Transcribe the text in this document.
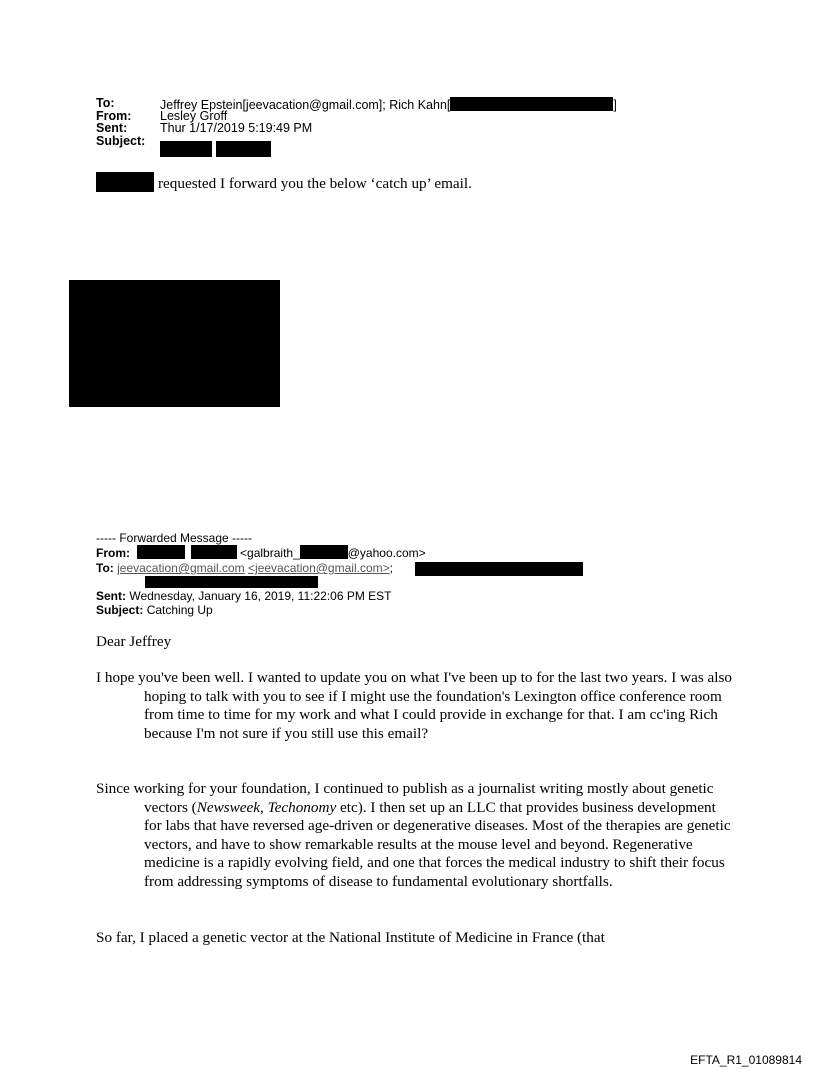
To:	Jeffrey Epstein[jeevacation@gmail.com]; Rich Kahn[	]
From: Lesley Groff
Sent:	Thur 1/17/2019 5:19:49 PM
Subject:
requested I forward you the below ‘catch up’ email.
----- Forwarded Message -----
From:	<galbraith_	@yahoo.com>
To: jeevacation@gmail.com <jeevacation@gmail.com>;
Sent: Wednesday, January 16, 2019, 11:22:06 PM EST
Subject: Catching Up
Dear Jeffrey
I hope you've been well. I wanted to update you on what I've been up to for the last two years. I was also hoping to talk with you to see if I might use the foundation's Lexington office conference room from time to time for my work and what I could provide in exchange for that. I am cc'ing Rich because I'm not sure if you still use this email?
Since working for your foundation, I continued to publish as a journalist writing mostly about genetic vectors (Newsweek, Techonomy etc). I then set up an LLC that provides business development for labs that have reversed age-driven or degenerative diseases. Most of the therapies are genetic vectors, and have to show remarkable results at the mouse level and beyond. Regenerative medicine is a rapidly evolving field, and one that forces the medical industry to shift their focus from addressing symptoms of disease to fundamental evolutionary shortfalls.
So far, I placed a genetic vector at the National Institute of Medicine in France (that
EFTA_R1_01089814
